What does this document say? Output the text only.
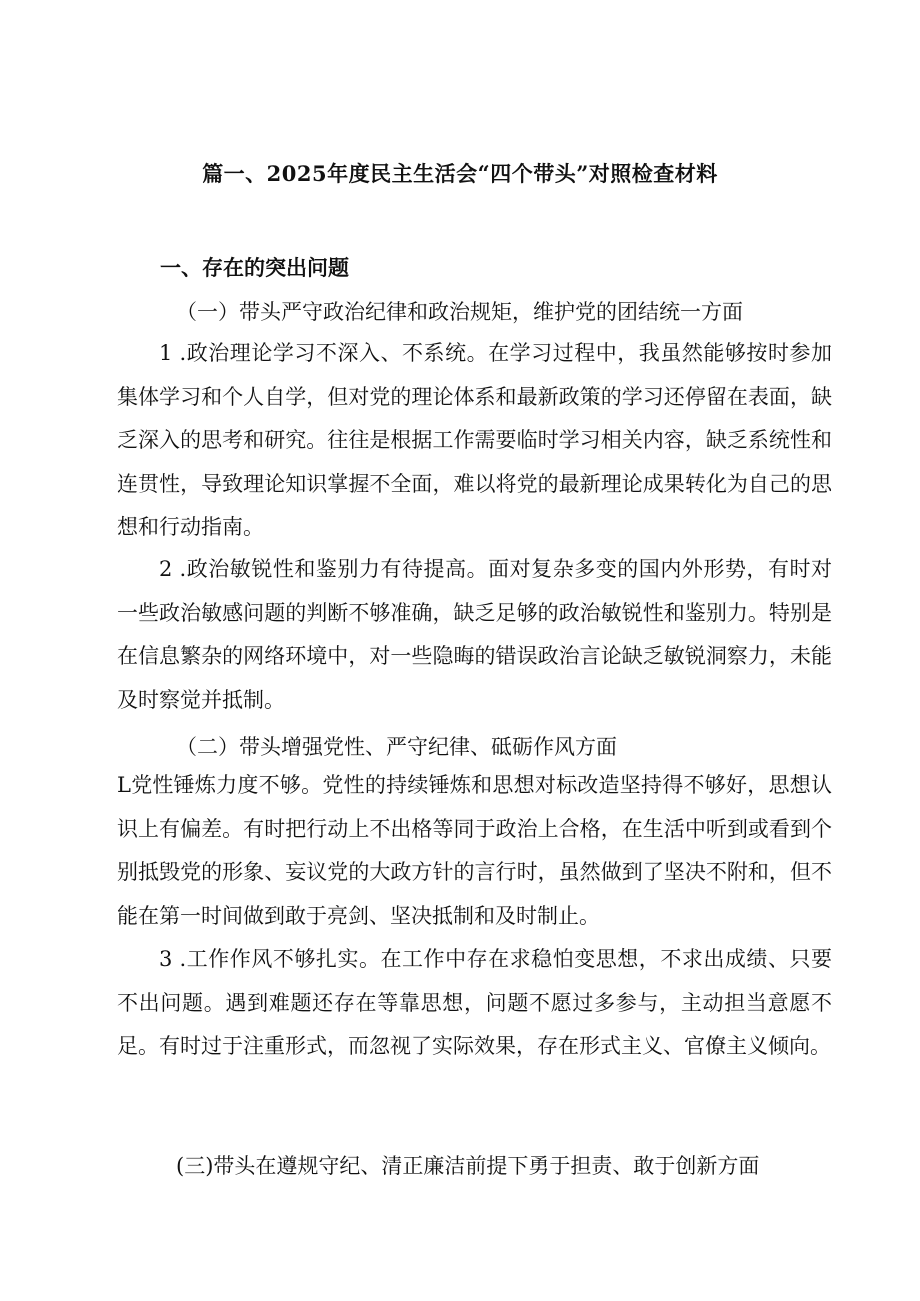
篇一、2025年度民主生活会“四个带头”对照检查材料
一、存在的突出问题
（一）带头严守政治纪律和政治规矩，维护党的团结统一方面
1 .政治理论学习不深入、不系统。在学习过程中，我虽然能够按时参加集体学习和个人自学，但对党的理论体系和最新政策的学习还停留在表面，缺乏深入的思考和研究。往往是根据工作需要临时学习相关内容，缺乏系统性和连贯性，导致理论知识掌握不全面，难以将党的最新理论成果转化为自己的思想和行动指南。
2 .政治敏锐性和鉴别力有待提高。面对复杂多变的国内外形势，有时对一些政治敏感问题的判断不够准确，缺乏足够的政治敏锐性和鉴别力。特别是在信息繁杂的网络环境中，对一些隐晦的错误政治言论缺乏敏锐洞察力，未能及时察觉并抵制。
（二）带头增强党性、严守纪律、砥砺作风方面
L党性锤炼力度不够。党性的持续锤炼和思想对标改造坚持得不够好，思想认识上有偏差。有时把行动上不出格等同于政治上合格，在生活中听到或看到个别抵毁党的形象、妄议党的大政方针的言行时，虽然做到了坚决不附和，但不能在第一时间做到敢于亮剑、坚决抵制和及时制止。
3 .工作作风不够扎实。在工作中存在求稳怕变思想，不求出成绩、只要不出问题。遇到难题还存在等靠思想，问题不愿过多参与，主动担当意愿不足。有时过于注重形式，而忽视了实际效果，存在形式主义、官僚主义倾向。
(三)带头在遵规守纪、清正廉洁前提下勇于担责、敢于创新方面
